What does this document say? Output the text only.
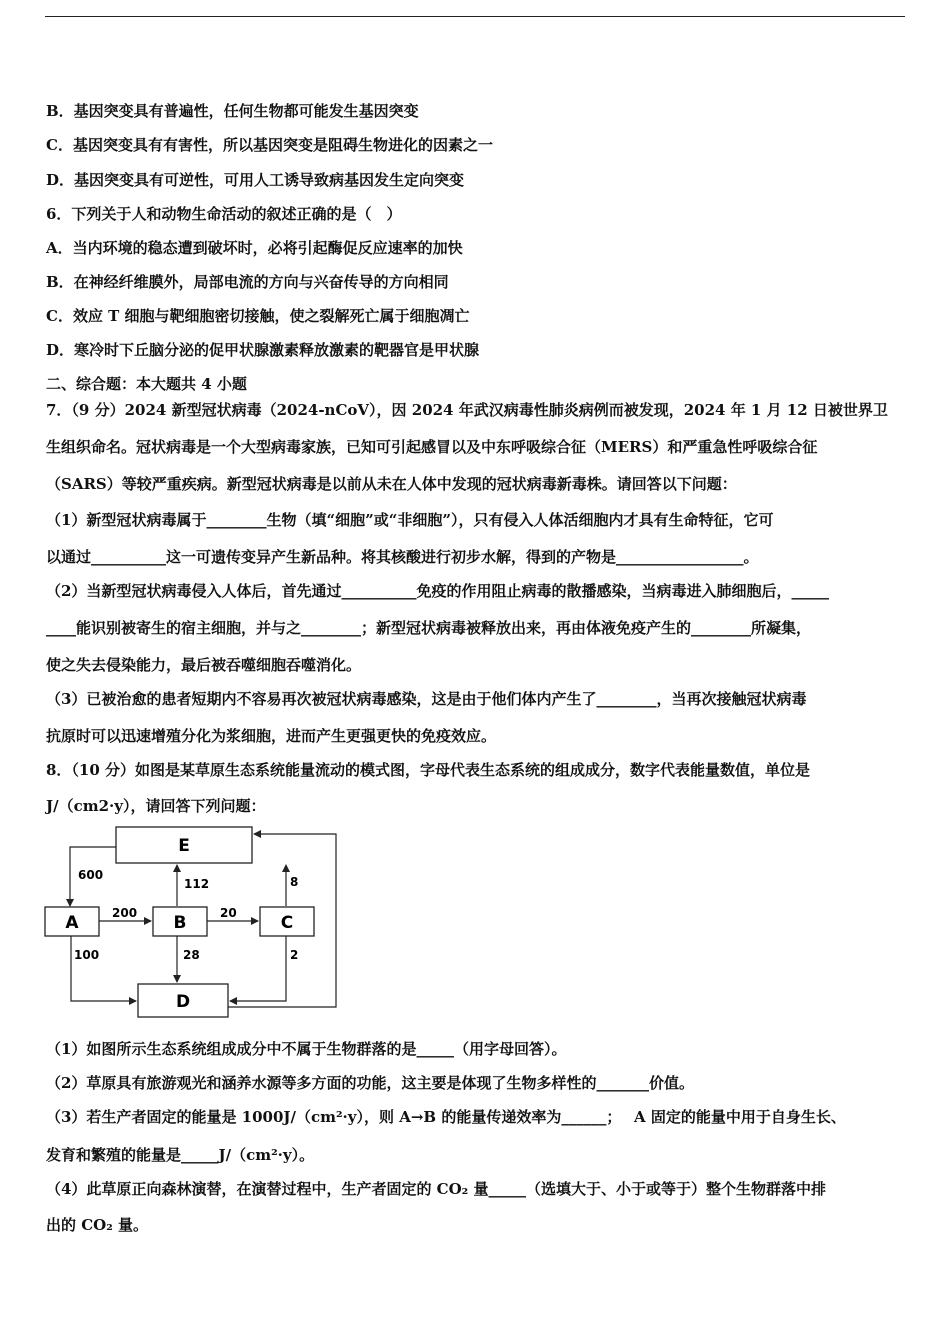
B．基因突变具有普遍性，任何生物都可能发生基因突变
C．基因突变具有有害性，所以基因突变是阻碍生物进化的因素之一
D．基因突变具有可逆性，可用人工诱导致病基因发生定向突变
6．下列关于人和动物生命活动的叙述正确的是（　）
A．当内环境的稳态遭到破坏时，必将引起酶促反应速率的加快
B．在神经纤维膜外，局部电流的方向与兴奋传导的方向相同
C．效应 T 细胞与靶细胞密切接触，使之裂解死亡属于细胞凋亡
D．寒冷时下丘脑分泌的促甲状腺激素释放激素的靶器官是甲状腺
二、综合题：本大题共 4 小题
7．（9 分）2024 新型冠状病毒（2024-nCoV），因 2024 年武汉病毒性肺炎病例而被发现，2024 年 1 月 12 日被世界卫
生组织命名。冠状病毒是一个大型病毒家族，已知可引起感冒以及中东呼吸综合征（MERS）和严重急性呼吸综合征
（SARS）等较严重疾病。新型冠状病毒是以前从未在人体中发现的冠状病毒新毒株。请回答以下问题：
（1）新型冠状病毒属于________生物（填“细胞”或“非细胞”），只有侵入人体活细胞内才具有生命特征，它可
以通过__________这一可遗传变异产生新品种。将其核酸进行初步水解，得到的产物是_________________。
（2）当新型冠状病毒侵入人体后，首先通过__________免疫的作用阻止病毒的散播感染，当病毒进入肺细胞后，_____
____能识别被寄生的宿主细胞，并与之________；新型冠状病毒被释放出来，再由体液免疫产生的________所凝集，
使之失去侵染能力，最后被吞噬细胞吞噬消化。
（3）已被治愈的患者短期内不容易再次被冠状病毒感染，这是由于他们体内产生了________，当再次接触冠状病毒
抗原时可以迅速增殖分化为浆细胞，进而产生更强更快的免疫效应。
8．（10 分）如图是某草原生态系统能量流动的模式图，字母代表生态系统的组成成分，数字代表能量数值，单位是
J/（cm2·y），请回答下列问题：
（1）如图所示生态系统组成成分中不属于生物群落的是_____（用字母回答）。
（2）草原具有旅游观光和涵养水源等多方面的功能，这主要是体现了生物多样性的_______价值。
（3）若生产者固定的能量是 1000J/（cm²·y），则 A→B 的能量传递效率为______；　 A 固定的能量中用于自身生长、
发育和繁殖的能量是_____J/（cm²·y）。
（4）此草原正向森林演替，在演替过程中，生产者固定的 CO₂ 量_____（选填大于、小于或等于）整个生物群落中排
出的 CO₂ 量。
E
A	B	C
D
600
112	8
200	20
100	28	2
